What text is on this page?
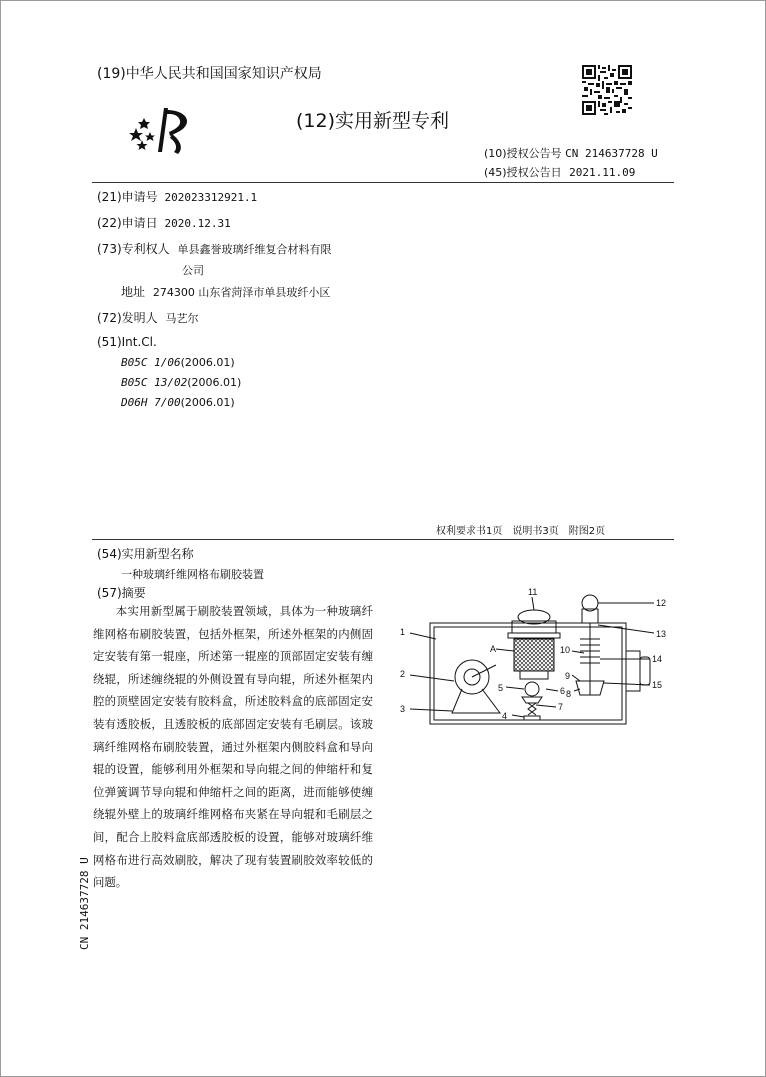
(19)中华人民共和国国家知识产权局
(12)实用新型专利
(10)授权公告号 CN 214637728 U
(45)授权公告日 2021.11.09
(21)申请号 202023312921.1
(22)申请日 2020.12.31
(73)专利权人 单县鑫誉玻璃纤维复合材料有限
公司
地址 274300 山东省菏泽市单县玻纤小区
(72)发明人 马艺尔
(51)Int.Cl.
B05C 1/06(2006.01)
B05C 13/02(2006.01)
D06H 7/00(2006.01)
权利要求书1页　说明书3页　附图2页
(54)实用新型名称
一种玻璃纤维网格布刷胶装置
(57)摘要

本实用新型属于刷胶装置领域，具体为一种玻璃纤维网格布刷胶装置，包括外框架，所述外框架的内侧固定安装有第一辊座，所述第一辊座的顶部固定安装有缠绕辊，所述缠绕辊的外侧设置有导向辊，所述外框架内腔的顶壁固定安装有胶料盒，所述胶料盒的底部固定安装有透胶板，且透胶板的底部固定安装有毛刷层。该玻璃纤维网格布刷胶装置，通过外框架内侧胶料盒和导向辊的设置，能够利用外框架和导向辊之间的伸缩杆和复位弹簧调节导向辊和伸缩杆之间的距离，进而能够使缠绕辊外壁上的玻璃纤维网格布夹紧在导向辊和毛刷层之间，配合上胶料盒底部透胶板的设置，能够对玻璃纤维网格布进行高效刷胶，解决了现有装置刷胶效率较低的问题。

CN 214637728 U
1
2
3
4
5	6
7
8
9
10
11
12
13
14
15
A
